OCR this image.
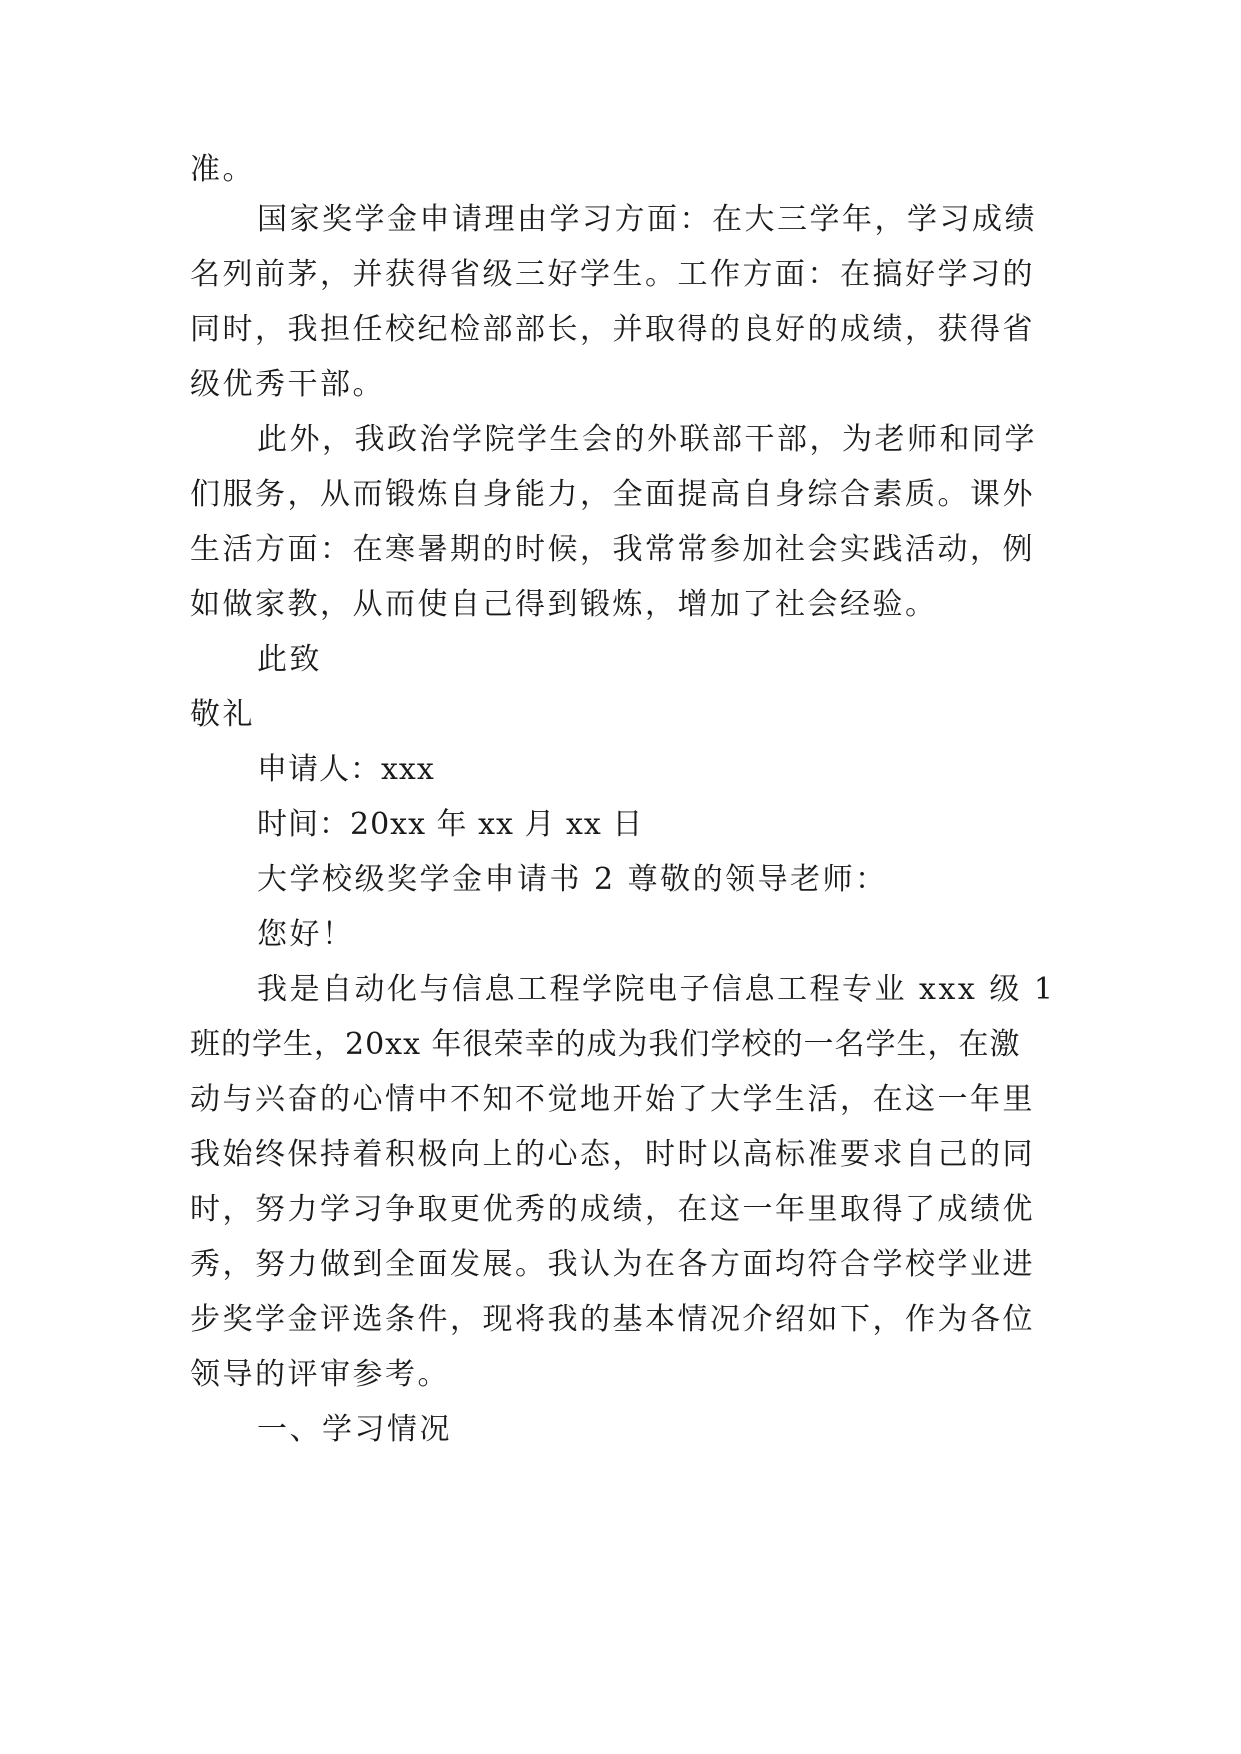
准。
国家奖学金申请理由学习方面：在大三学年，学习成绩
名列前茅，并获得省级三好学生。工作方面：在搞好学习的
同时，我担任校纪检部部长，并取得的良好的成绩，获得省
级优秀干部。
此外，我政治学院学生会的外联部干部，为老师和同学
们服务，从而锻炼自身能力，全面提高自身综合素质。课外
生活方面：在寒暑期的时候，我常常参加社会实践活动，例
如做家教，从而使自己得到锻炼，增加了社会经验。
此致
敬礼
申请人：xxx
时间：20xx 年 xx 月 xx 日
大学校级奖学金申请书 2 尊敬的领导老师：
您好！
我是自动化与信息工程学院电子信息工程专业 xxx 级 1
班的学生，20xx 年很荣幸的成为我们学校的一名学生，在激
动与兴奋的心情中不知不觉地开始了大学生活，在这一年里
我始终保持着积极向上的心态，时时以高标准要求自己的同
时，努力学习争取更优秀的成绩，在这一年里取得了成绩优
秀，努力做到全面发展。我认为在各方面均符合学校学业进
步奖学金评选条件，现将我的基本情况介绍如下，作为各位
领导的评审参考。
一、学习情况
